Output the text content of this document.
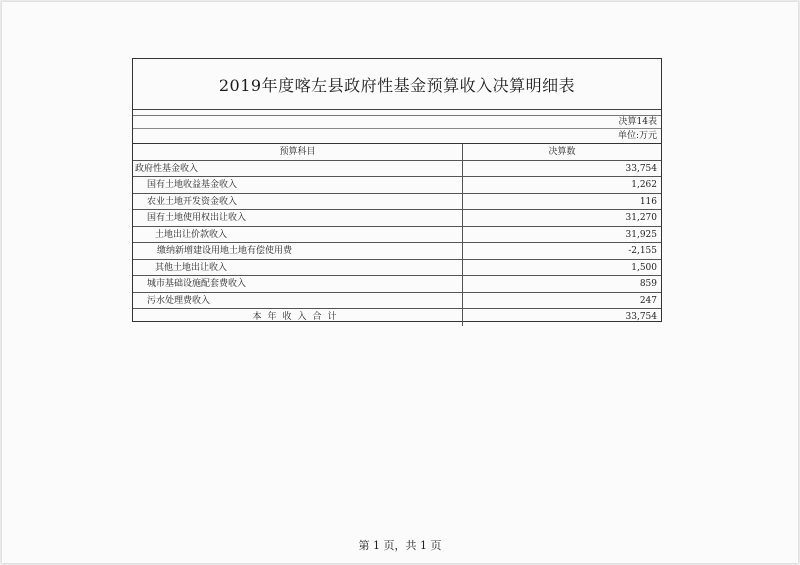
2019年度喀左县政府性基金预算收入决算明细表
决算14表
单位:万元
预算科目	决算数
政府性基金收入	33,754
国有土地收益基金收入	1,262
农业土地开发资金收入	116
国有土地使用权出让收入	31,270
土地出让价款收入	31,925
缴纳新增建设用地土地有偿使用费	-2,155
其他土地出让收入	1,500
城市基础设施配套费收入	859
污水处理费收入	247
本年收入合计	33,754
第 1 页，共 1 页
